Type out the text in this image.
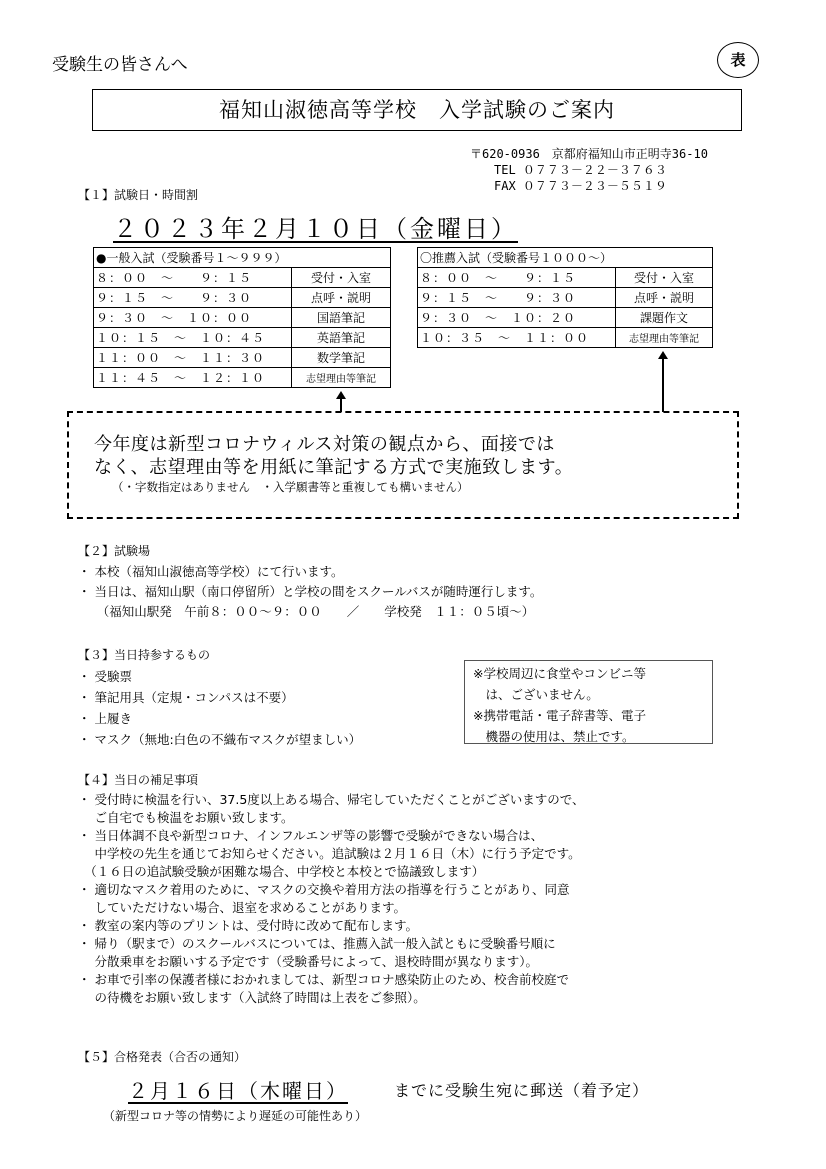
受験生の皆さんへ	表
福知山淑徳高等学校　入学試験のご案内
〒620-0936　京都府福知山市正明寺36-10
TEL ０７７３－２２－３７６３
FAX ０７７３－２３－５５１９
【１】試験日・時間割
２０２３年２月１０日（金曜日）
●一般入試（受験番号１～９９９）	
８：００　～　　９：１５	受付・入室
９：１５　～　　９：３０	点呼・説明
９：３０　～　１０：００	国語筆記
１０：１５　～　１０：４５	英語筆記
１１：００　～　１１：３０	数学筆記
１１：４５　～　１２：１０	志望理由等筆記
〇推薦入試（受験番号１０００～）	
８：００　～　　９：１５	受付・入室
９：１５　～　　９：３０	点呼・説明
９：３０　～　１０：２０	課題作文
１０：３５　～　１１：００	志望理由等筆記
今年度は新型コロナウィルス対策の観点から、面接では
なく、志望理由等を用紙に筆記する方式で実施致します。
（・字数指定はありません　・入学願書等と重複しても構いません）
【２】試験場
・ 本校（福知山淑徳高等学校）にて行います。
・ 当日は、福知山駅（南口停留所）と学校の間をスクールバスが随時運行します。
　　（福知山駅発　午前８：００～９：００　　／　　学校発　１１：０５頃～）
【３】当日持参するもの
・ 受験票
・ 筆記用具（定規・コンパスは不要）
・ 上履き
・ マスク（無地:白色の不織布マスクが望ましい）
※学校周辺に食堂やコンビニ等
　は、ございません。
※携帯電話・電子辞書等、電子
　機器の使用は、禁止です。
【４】当日の補足事項
・ 受付時に検温を行い、37.5度以上ある場合、帰宅していただくことがございますので、
　 ご自宅でも検温をお願い致します。
・ 当日体調不良や新型コロナ、インフルエンザ等の影響で受験ができない場合は、
　 中学校の先生を通じてお知らせください。追試験は２月１６日（木）に行う予定です。
　（１６日の追試験受験が困難な場合、中学校と本校とで協議致します）
・ 適切なマスク着用のために、マスクの交換や着用方法の指導を行うことがあり、同意
　 していただけない場合、退室を求めることがあります。
・ 教室の案内等のプリントは、受付時に改めて配布します。
・ 帰り（駅まで）のスクールバスについては、推薦入試一般入試ともに受験番号順に
　 分散乗車をお願いする予定です（受験番号によって、退校時間が異なります）。
・ お車で引率の保護者様におかれましては、新型コロナ感染防止のため、校舎前校庭で
　 の待機をお願い致します（入試終了時間は上表をご参照）。
【５】合格発表（合否の通知）
２月１６日（木曜日）	までに受験生宛に郵送（着予定）
（新型コロナ等の情勢により遅延の可能性あり）
